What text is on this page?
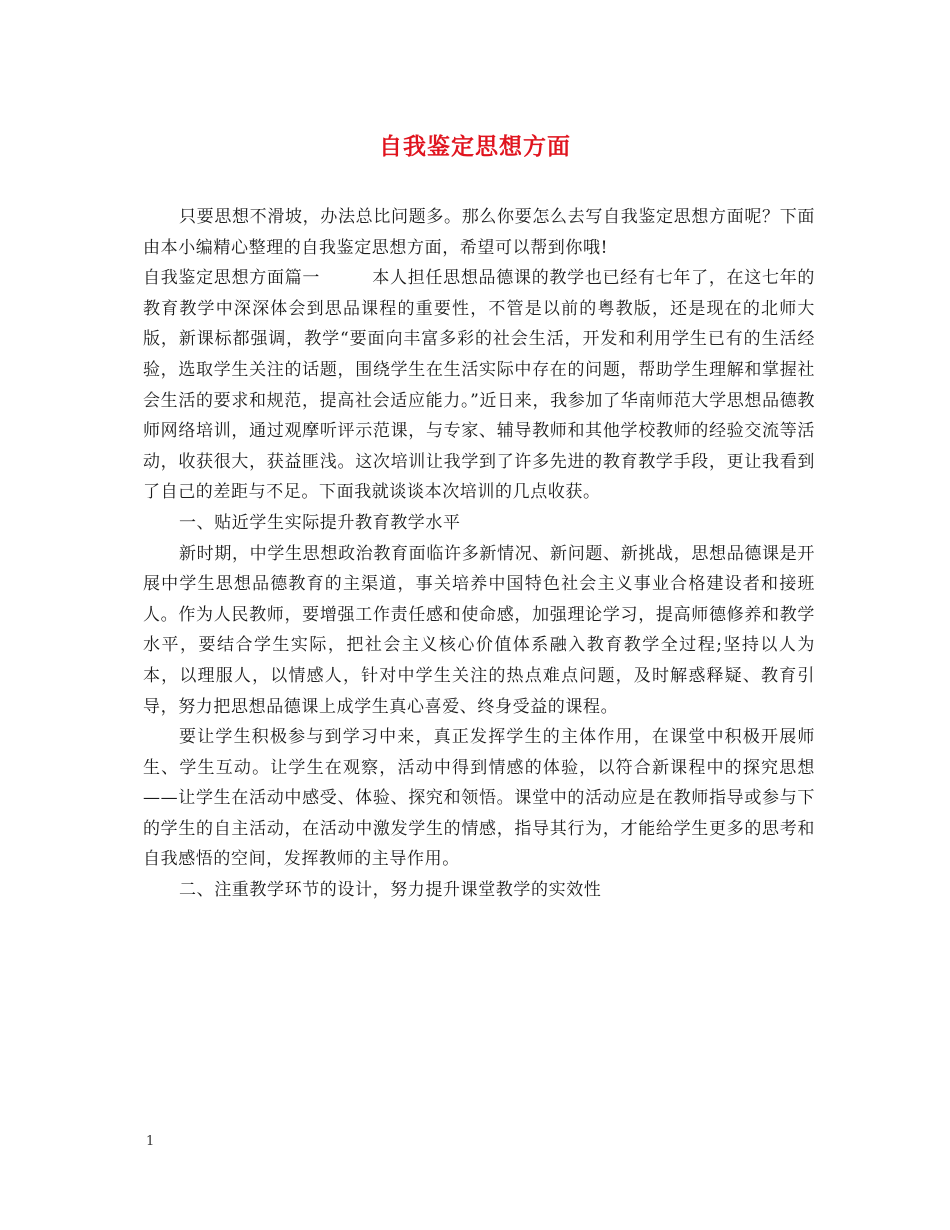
自我鉴定思想方面

只要思想不滑坡，办法总比问题多。那么你要怎么去写自我鉴定思想方面呢？下面由本小编精心整理的自我鉴定思想方面，希望可以帮到你哦!

自我鉴定思想方面篇一	本人担任思想品德课的教学也已经有七年了，在这七年的教育教学中深深体会到思品课程的重要性，不管是以前的粤教版，还是现在的北师大版，新课标都强调，教学“要面向丰富多彩的社会生活，开发和利用学生已有的生活经验，选取学生关注的话题，围绕学生在生活实际中存在的问题，帮助学生理解和掌握社会生活的要求和规范，提高社会适应能力。”近日来，我参加了华南师范大学思想品德教师网络培训，通过观摩听评示范课，与专家、辅导教师和其他学校教师的经验交流等活动，收获很大，获益匪浅。这次培训让我学到了许多先进的教育教学手段，更让我看到了自己的差距与不足。下面我就谈谈本次培训的几点收获。

一、贴近学生实际提升教育教学水平

新时期，中学生思想政治教育面临许多新情况、新问题、新挑战，思想品德课是开展中学生思想品德教育的主渠道，事关培养中国特色社会主义事业合格建设者和接班人。作为人民教师，要增强工作责任感和使命感，加强理论学习，提高师德修养和教学水平，要结合学生实际，把社会主义核心价值体系融入教育教学全过程;坚持以人为本，以理服人，以情感人，针对中学生关注的热点难点问题，及时解惑释疑、教育引导，努力把思想品德课上成学生真心喜爱、终身受益的课程。

要让学生积极参与到学习中来，真正发挥学生的主体作用，在课堂中积极开展师生、学生互动。让学生在观察，活动中得到情感的体验，以符合新课程中的探究思想——让学生在活动中感受、体验、探究和领悟。课堂中的活动应是在教师指导或参与下的学生的自主活动，在活动中激发学生的情感，指导其行为，才能给学生更多的思考和自我感悟的空间，发挥教师的主导作用。

二、注重教学环节的设计，努力提升课堂教学的实效性

1
